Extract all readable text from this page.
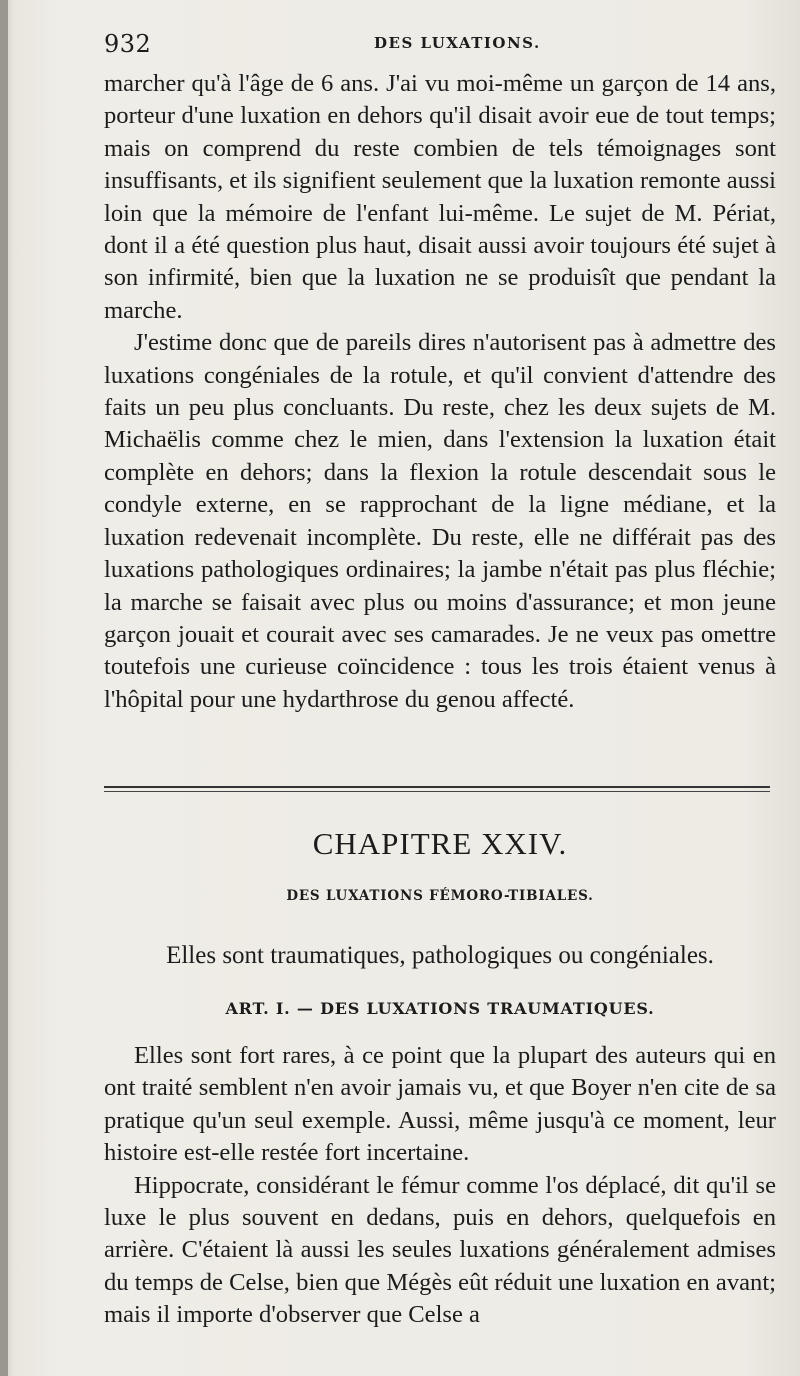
932	DES LUXATIONS.

marcher qu'à l'âge de 6 ans. J'ai vu moi-même un garçon de 14 ans, porteur d'une luxation en dehors qu'il disait avoir eue de tout temps; mais on comprend du reste combien de tels témoignages sont insuffisants, et ils signifient seulement que la luxation remonte aussi loin que la mémoire de l'enfant lui-même. Le sujet de M. Périat, dont il a été question plus haut, disait aussi avoir toujours été sujet à son infirmité, bien que la luxation ne se produisît que pendant la marche.

J'estime donc que de pareils dires n'autorisent pas à admettre des luxations congéniales de la rotule, et qu'il convient d'attendre des faits un peu plus concluants. Du reste, chez les deux sujets de M. Michaëlis comme chez le mien, dans l'extension la luxation était complète en dehors; dans la flexion la rotule descendait sous le condyle externe, en se rapprochant de la ligne médiane, et la luxation redevenait incomplète. Du reste, elle ne différait pas des luxations pathologiques ordinaires; la jambe n'était pas plus fléchie; la marche se faisait avec plus ou moins d'assurance; et mon jeune garçon jouait et courait avec ses camarades. Je ne veux pas omettre toutefois une curieuse coïncidence : tous les trois étaient venus à l'hôpital pour une hydarthrose du genou affecté.

CHAPITRE XXIV.
DES LUXATIONS FÉMORO-TIBIALES.
Elles sont traumatiques, pathologiques ou congéniales.
ART. I. — DES LUXATIONS TRAUMATIQUES.

Elles sont fort rares, à ce point que la plupart des auteurs qui en ont traité semblent n'en avoir jamais vu, et que Boyer n'en cite de sa pratique qu'un seul exemple. Aussi, même jusqu'à ce moment, leur histoire est-elle restée fort incertaine.

Hippocrate, considérant le fémur comme l'os déplacé, dit qu'il se luxe le plus souvent en dedans, puis en dehors, quelquefois en arrière. C'étaient là aussi les seules luxations généralement admises du temps de Celse, bien que Mégès eût réduit une luxation en avant; mais il importe d'observer que Celse a
